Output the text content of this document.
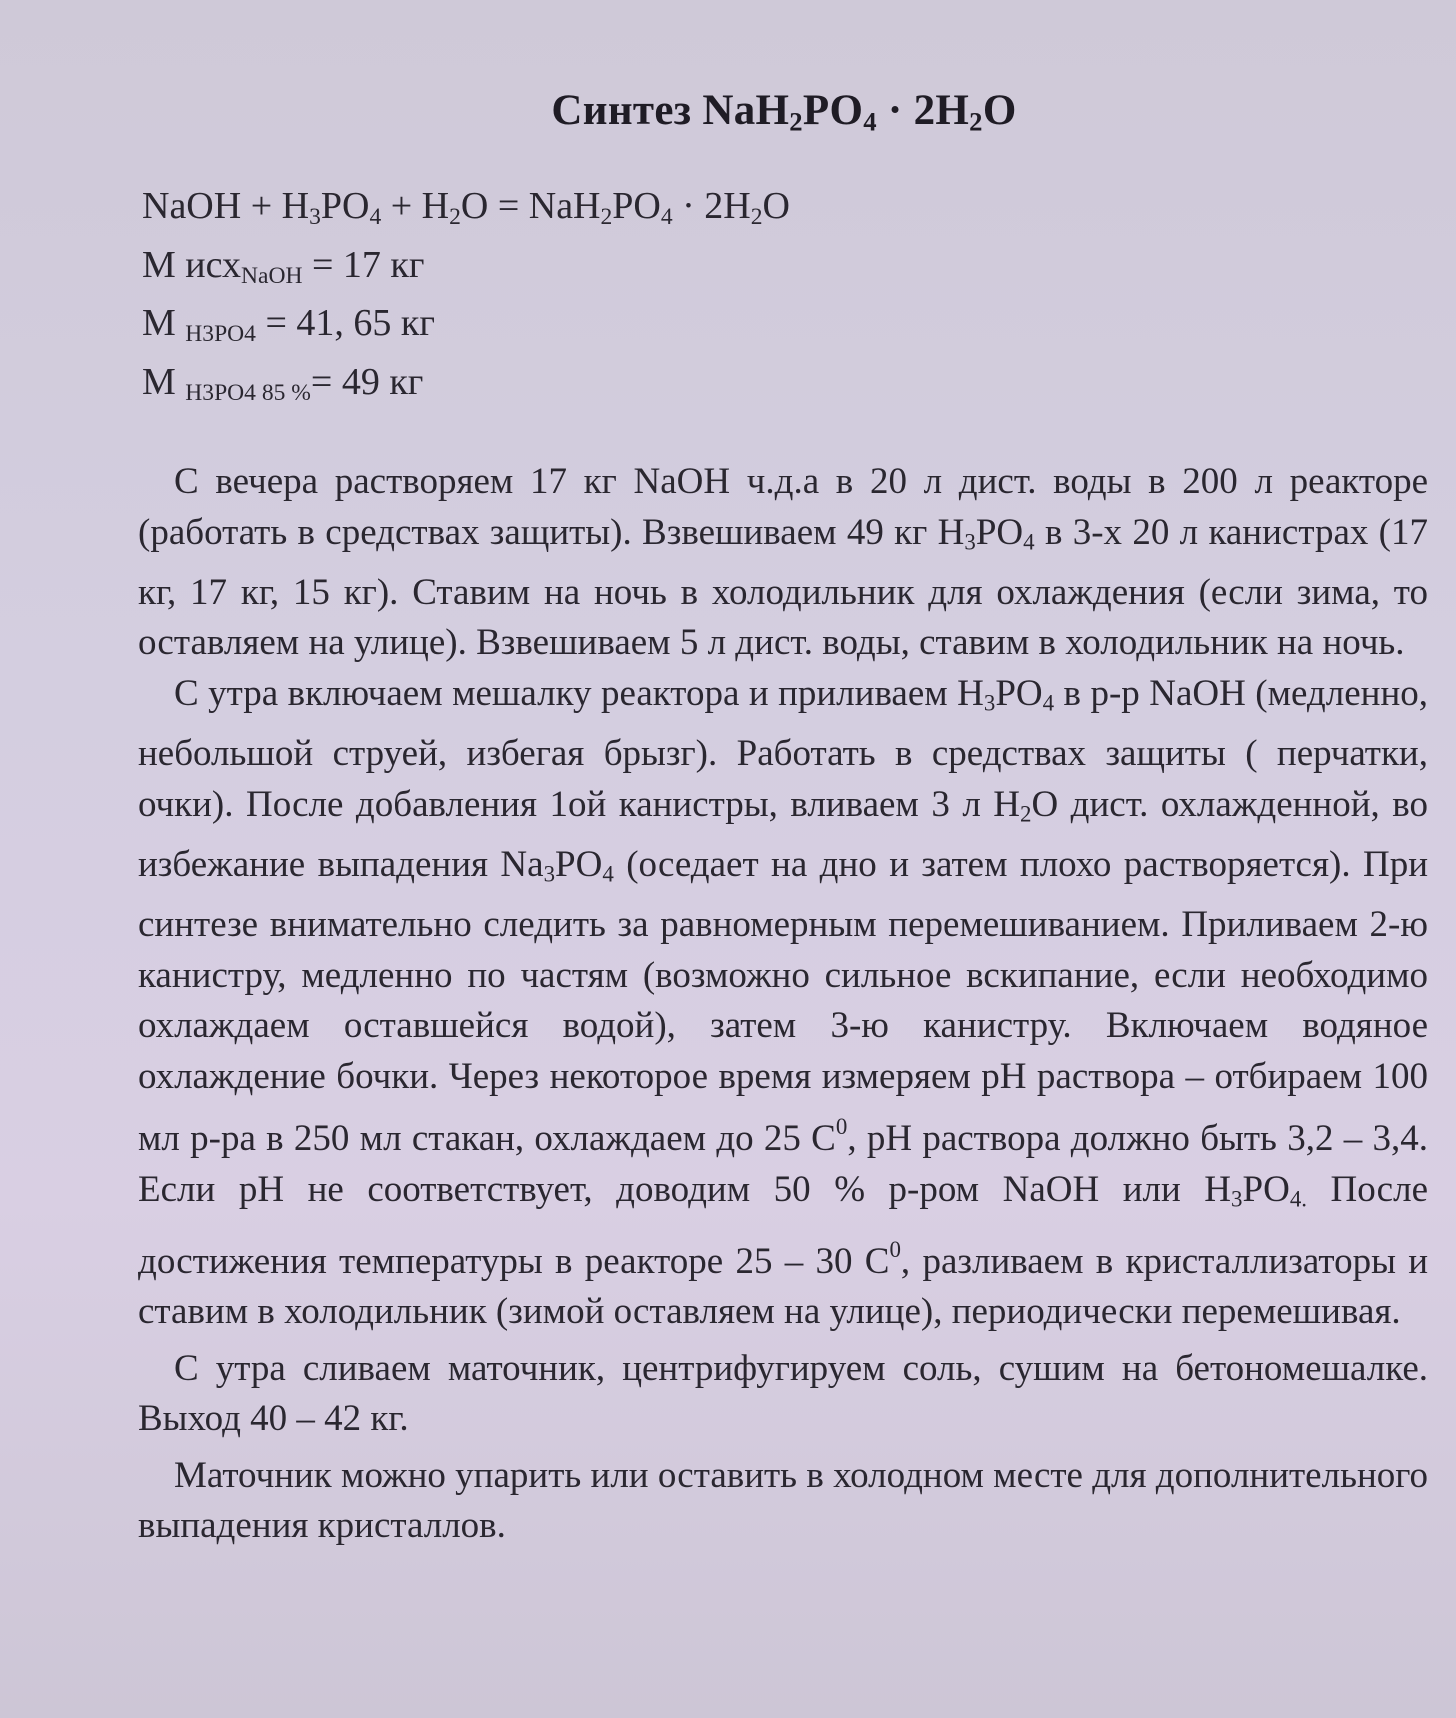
Синтез $NaH_2PO_4 \cdot 2H_2O$
NaOH + $H_3PO_4 + H_2O = NaH_2PO_4 \cdot 2H_2O$
М исх$_{NaOH}$ = 17 кг
М $_{H3PO4}$ = 41, 65 кг
М $_{H3PO4 85 \%}$= 49 кг

С вечера растворяем 17 кг NaOH ч.д.а в 20 л дист. воды в 200 л реакторе (работать в средствах защиты). Взвешиваем 49 кг $H_3PO_4$ в 3-х 20 л канистрах (17 кг, 17 кг, 15 кг). Ставим на ночь в холодильник для охлаждения (если зима, то оставляем на улице). Взвешиваем 5 л дист. воды, ставим в холодильник на ночь.

С утра включаем мешалку реактора и приливаем $H_3PO_4$ в р-р NaOH (медленно, небольшой струей, избегая брызг). Работать в средствах защиты ( перчатки, очки). После добавления 1ой канистры, вливаем 3 л $H_2O$ дист. охлажденной, во избежание выпадения $Na_3PO_4$ (оседает на дно и затем плохо растворяется). При синтезе внимательно следить за равномерным перемешиванием. Приливаем 2-ю канистру, медленно по частям (возможно сильное вскипание, если необходимо охлаждаем оставшейся водой), затем 3-ю канистру. Включаем водяное охлаждение бочки. Через некоторое время измеряем pH раствора – отбираем 100 мл р-ра в 250 мл стакан, охлаждаем до 25 $С^0$, pH раствора должно быть 3,2 – 3,4. Если pH не соответствует, доводим 50 % р-ром NaOH или $H_3PO_{4.}$ После достижения температуры в реакторе 25 – 30 $С^0$, разливаем в кристаллизаторы и ставим в холодильник (зимой оставляем на улице), периодически перемешивая.

С утра сливаем маточник, центрифугируем соль, сушим на бетономешалке. Выход 40 – 42 кг.

Маточник можно упарить или оставить в холодном месте для дополнительного выпадения кристаллов.
